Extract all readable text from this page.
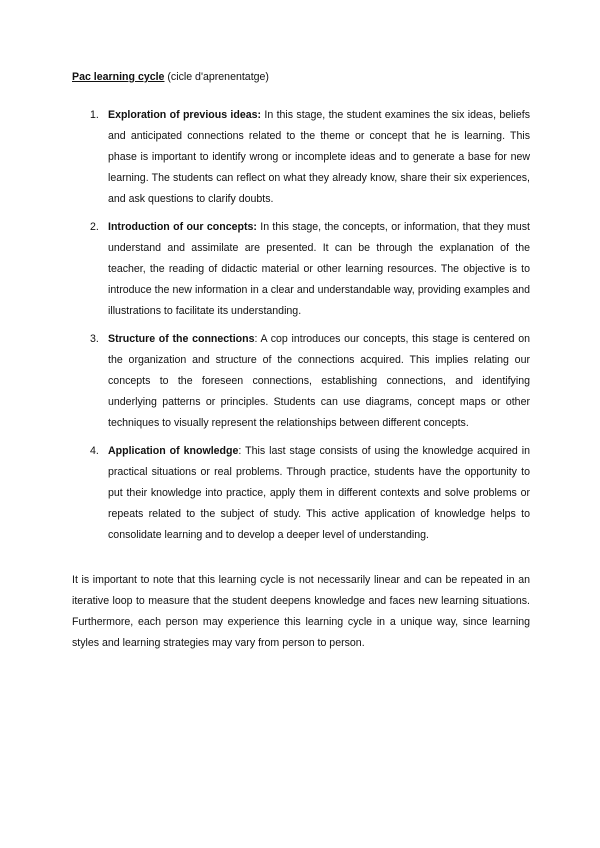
Pac learning cycle (cicle d'aprenentatge)
1. Exploration of previous ideas: In this stage, the student examines the six ideas, beliefs and anticipated connections related to the theme or concept that he is learning. This phase is important to identify wrong or incomplete ideas and to generate a base for new learning. The students can reflect on what they already know, share their six experiences, and ask questions to clarify doubts.
2. Introduction of our concepts: In this stage, the concepts, or information, that they must understand and assimilate are presented. It can be through the explanation of the teacher, the reading of didactic material or other learning resources. The objective is to introduce the new information in a clear and understandable way, providing examples and illustrations to facilitate its understanding.
3. Structure of the connections: A cop introduces our concepts, this stage is centered on the organization and structure of the connections acquired. This implies relating our concepts to the foreseen connections, establishing connections, and identifying underlying patterns or principles. Students can use diagrams, concept maps or other techniques to visually represent the relationships between different concepts.
4. Application of knowledge: This last stage consists of using the knowledge acquired in practical situations or real problems. Through practice, students have the opportunity to put their knowledge into practice, apply them in different contexts and solve problems or repeats related to the subject of study. This active application of knowledge helps to consolidate learning and to develop a deeper level of understanding.

It is important to note that this learning cycle is not necessarily linear and can be repeated in an iterative loop to measure that the student deepens knowledge and faces new learning situations. Furthermore, each person may experience this learning cycle in a unique way, since learning styles and learning strategies may vary from person to person.
